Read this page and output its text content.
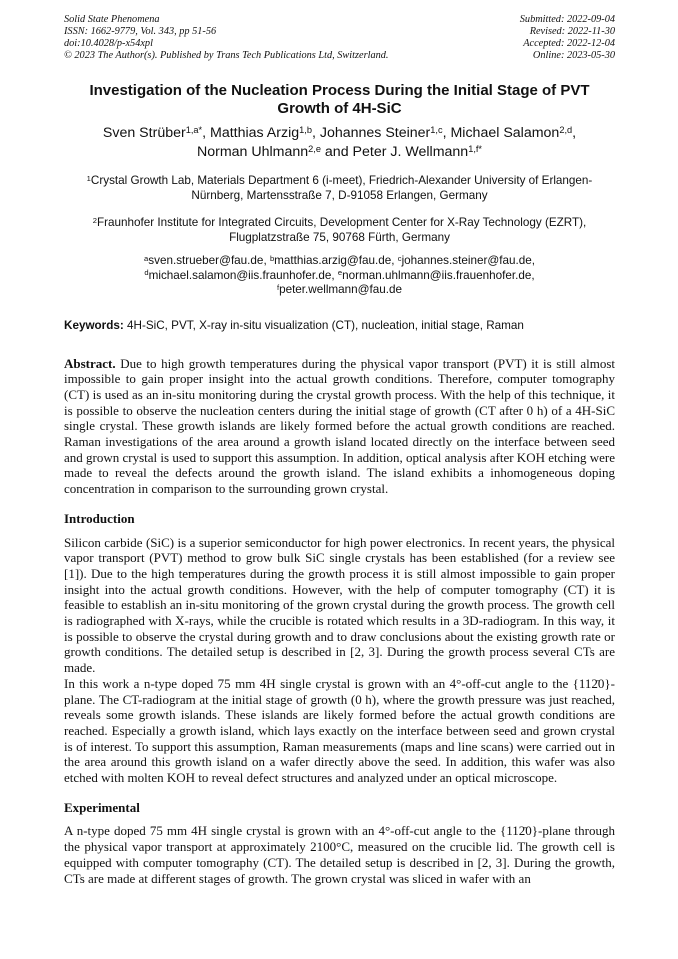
Solid State Phenomena
ISSN: 1662-9779, Vol. 343, pp 51-56
doi:10.4028/p-x54xpl
© 2023 The Author(s). Published by Trans Tech Publications Ltd, Switzerland.
Submitted: 2022-09-04
Revised: 2022-11-30
Accepted: 2022-12-04
Online: 2023-05-30
Investigation of the Nucleation Process During the Initial Stage of PVT Growth of 4H-SiC
Sven Strüber$^{1,a*}$, Matthias Arzig$^{1,b}$, Johannes Steiner$^{1,c}$, Michael Salamon$^{2,d}$,
Norman Uhlmann$^{2,e}$ and Peter J. Wellmann$^{1,f*}$
$^1$Crystal Growth Lab, Materials Department 6 (i-meet), Friedrich-Alexander University of Erlangen-Nürnberg, Martensstraße 7, D-91058 Erlangen, Germany
$^2$Fraunhofer Institute for Integrated Circuits, Development Center for X-Ray Technology (EZRT), Flugplatzstraße 75, 90768 Fürth, Germany
$^a$sven.strueber@fau.de, $^b$matthias.arzig@fau.de, $^c$johannes.steiner@fau.de,
$^d$michael.salamon@iis.fraunhofer.de, $^e$norman.uhlmann@iis.frauenhofer.de,
$^f$peter.wellmann@fau.de
Keywords: 4H-SiC, PVT, X-ray in-situ visualization (CT), nucleation, initial stage, Raman
Abstract. Due to high growth temperatures during the physical vapor transport (PVT) it is still almost impossible to gain proper insight into the actual growth conditions. Therefore, computer tomography (CT) is used as an in-situ monitoring during the crystal growth process. With the help of this technique, it is possible to observe the nucleation centers during the initial stage of growth (CT after 0 h) of a 4H-SiC single crystal. These growth islands are likely formed before the actual growth conditions are reached. Raman investigations of the area around a growth island located directly on the interface between seed and grown crystal is used to support this assumption. In addition, optical analysis after KOH etching were made to reveal the defects around the growth island. The island exhibits a inhomogeneous doping concentration in comparison to the surrounding grown crystal.
Introduction
Silicon carbide (SiC) is a superior semiconductor for high power electronics. In recent years, the physical vapor transport (PVT) method to grow bulk SiC single crystals has been established (for a review see [1]). Due to the high temperatures during the growth process it is still almost impossible to gain proper insight into the actual growth conditions. However, with the help of computer tomography (CT) it is feasible to establish an in-situ monitoring of the grown crystal during the growth process. The growth cell is radiographed with X-rays, while the crucible is rotated which results in a 3D-radiogram. In this way, it is possible to observe the crystal during growth and to draw conclusions about the existing growth rate or growth conditions. The detailed setup is described in [2, 3]. During the growth process several CTs are made.
In this work a n-type doped 75 mm 4H single crystal is grown with an 4°-off-cut angle to the {112̄0}-plane. The CT-radiogram at the initial stage of growth (0 h), where the growth pressure was just reached, reveals some growth islands. These islands are likely formed before the actual growth conditions are reached. Especially a growth island, which lays exactly on the interface between seed and grown crystal is of interest. To support this assumption, Raman measurements (maps and line scans) were carried out in the area around this growth island on a wafer directly above the seed. In addition, this wafer was also etched with molten KOH to reveal defect structures and analyzed under an optical microscope.
Experimental
A n-type doped 75 mm 4H single crystal is grown with an 4°-off-cut angle to the {112̄0}-plane through the physical vapor transport at approximately 2100°C, measured on the crucible lid. The growth cell is equipped with computer tomography (CT). The detailed setup is described in [2, 3]. During the growth, CTs are made at different stages of growth. The grown crystal was sliced in wafer with an
